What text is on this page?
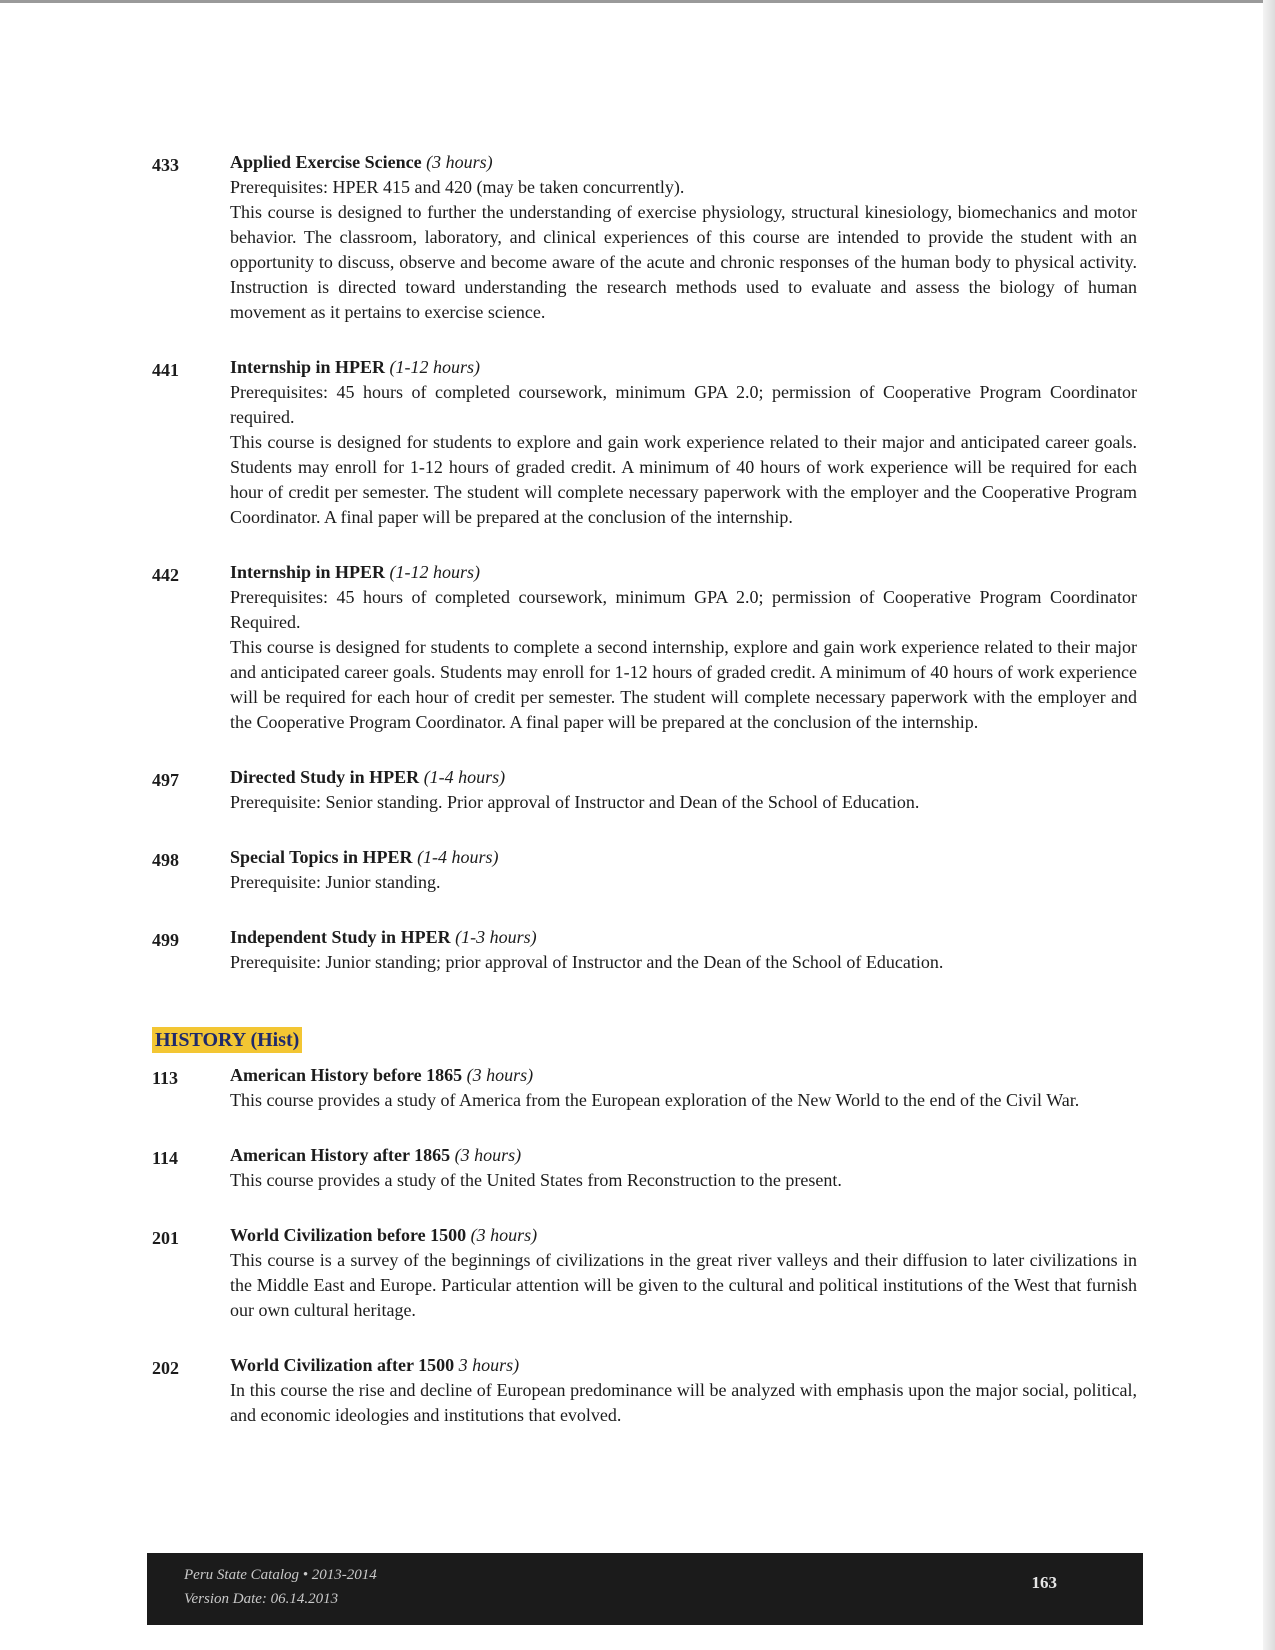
433	Applied Exercise Science (3 hours)

Prerequisites: HPER 415 and 420 (may be taken concurrently).

This course is designed to further the understanding of exercise physiology, structural kinesiology, biomechanics and motor behavior. The classroom, laboratory, and clinical experiences of this course are intended to provide the student with an opportunity to discuss, observe and become aware of the acute and chronic responses of the human body to physical activity. Instruction is directed toward understanding the research methods used to evaluate and assess the biology of human movement as it pertains to exercise science.

441	Internship in HPER (1-12 hours)

Prerequisites: 45 hours of completed coursework, minimum GPA 2.0; permission of Cooperative Program Coordinator required.

This course is designed for students to explore and gain work experience related to their major and anticipated career goals. Students may enroll for 1-12 hours of graded credit. A minimum of 40 hours of work experience will be required for each hour of credit per semester. The student will complete necessary paperwork with the employer and the Cooperative Program Coordinator. A final paper will be prepared at the conclusion of the internship.

442	Internship in HPER (1-12 hours)

Prerequisites: 45 hours of completed coursework, minimum GPA 2.0; permission of Cooperative Program Coordinator Required.

This course is designed for students to complete a second internship, explore and gain work experience related to their major and anticipated career goals. Students may enroll for 1-12 hours of graded credit. A minimum of 40 hours of work experience will be required for each hour of credit per semester. The student will complete necessary paperwork with the employer and the Cooperative Program Coordinator. A final paper will be prepared at the conclusion of the internship.

497	Directed Study in HPER (1-4 hours)

Prerequisite: Senior standing. Prior approval of Instructor and Dean of the School of Education.

498	Special Topics in HPER (1-4 hours)

Prerequisite: Junior standing.

499	Independent Study in HPER (1-3 hours)

Prerequisite: Junior standing; prior approval of Instructor and the Dean of the School of Education.

HISTORY (Hist)
113	American History before 1865 (3 hours)

This course provides a study of America from the European exploration of the New World to the end of the Civil War.

114	American History after 1865 (3 hours)

This course provides a study of the United States from Reconstruction to the present.

201	World Civilization before 1500 (3 hours)

This course is a survey of the beginnings of civilizations in the great river valleys and their diffusion to later civilizations in the Middle East and Europe. Particular attention will be given to the cultural and political institutions of the West that furnish our own cultural heritage.

202	World Civilization after 1500 3 hours)

In this course the rise and decline of European predominance will be analyzed with emphasis upon the major social, political, and economic ideologies and institutions that evolved.

Peru State Catalog • 2013-2014
Version Date: 06.14.2013
163
